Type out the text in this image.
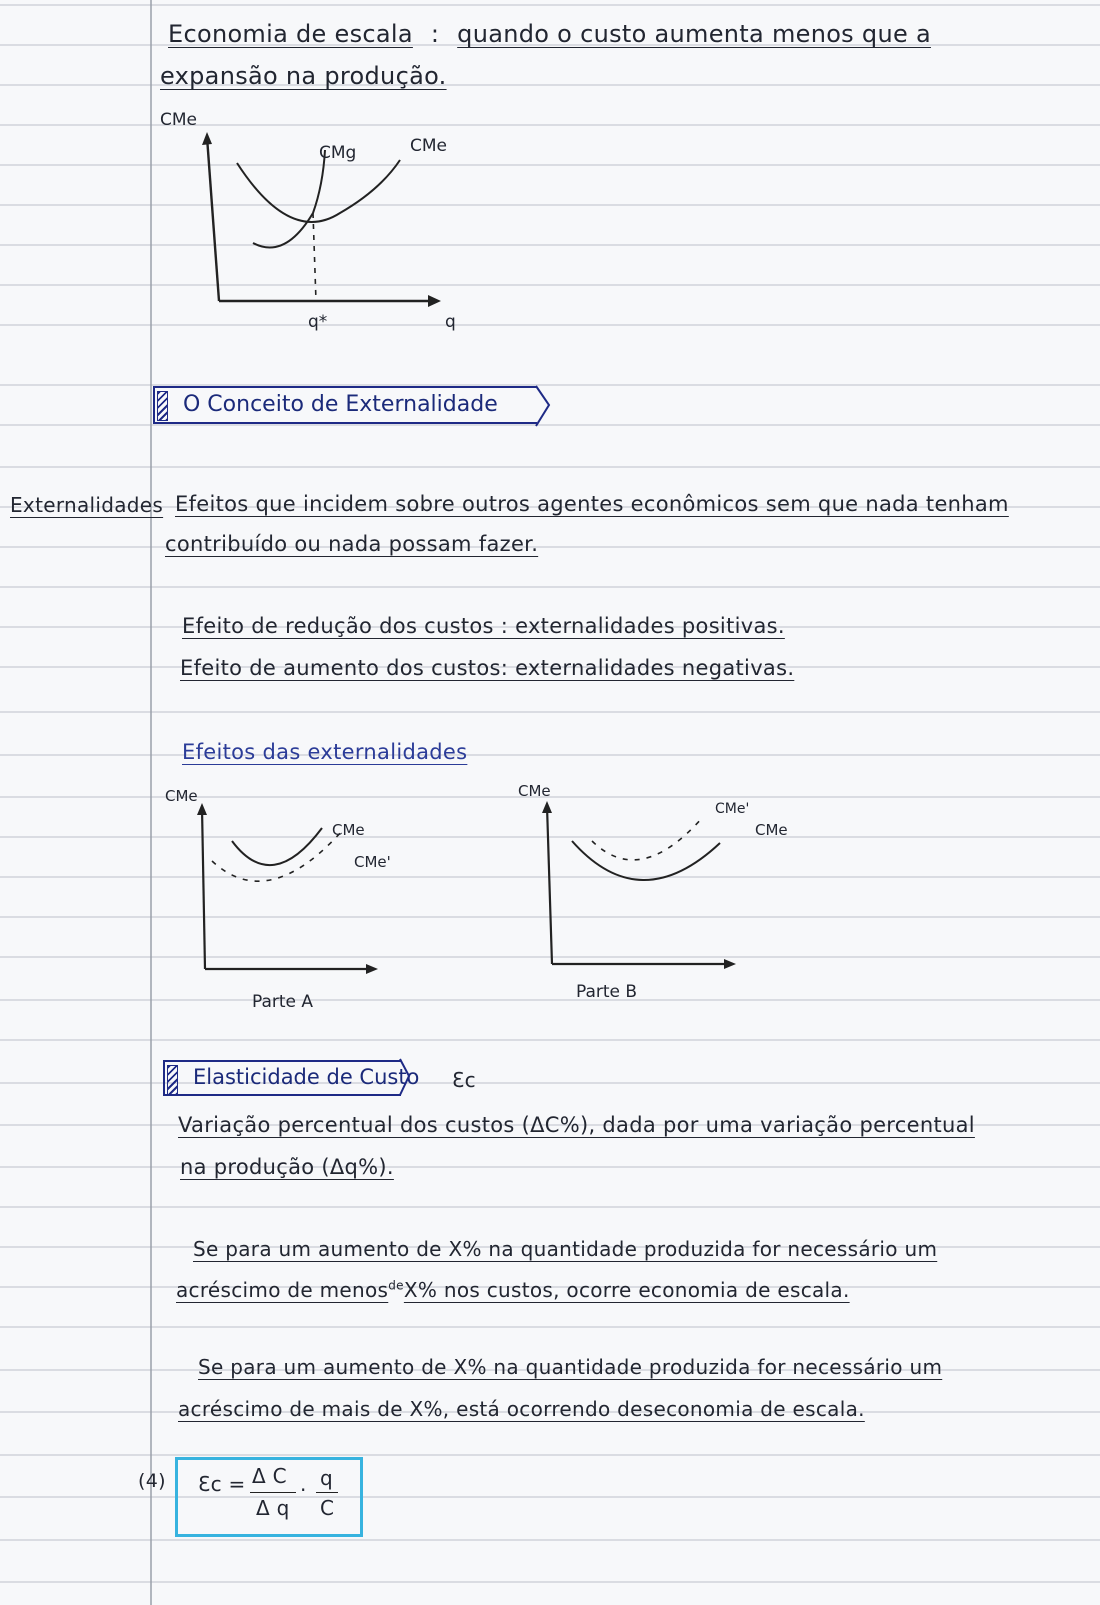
Economia de escala : quando o custo aumenta menos que a
expansão na produção.
CMe
CMg	CMe
q*	q
O Conceito de Externalidade
Externalidades Efeitos que incidem sobre outros agentes econômicos sem que nada tenham
contribuído ou nada possam fazer.
Efeito de redução dos custos : externalidades positivas.
Efeito de aumento dos custos: externalidades negativas.
Efeitos das externalidades
CMe
CMe
CMe'
Parte A
CMe
CMe'
CMe
Parte B
Elasticidade de Custo Ɛc
Variação percentual dos custos (ΔC%), dada por uma variação percentual
na produção (Δq%).
Se para um aumento de X% na quantidade produzida for necessário um
acréscimo de menos$^{de}$X% nos custos, ocorre economia de escala.
Se para um aumento de X% na quantidade produzida for necessário um
acréscimo de mais de X%, está ocorrendo deseconomia de escala.
(4) Ɛc = Δ C
Δ q
· q
C
